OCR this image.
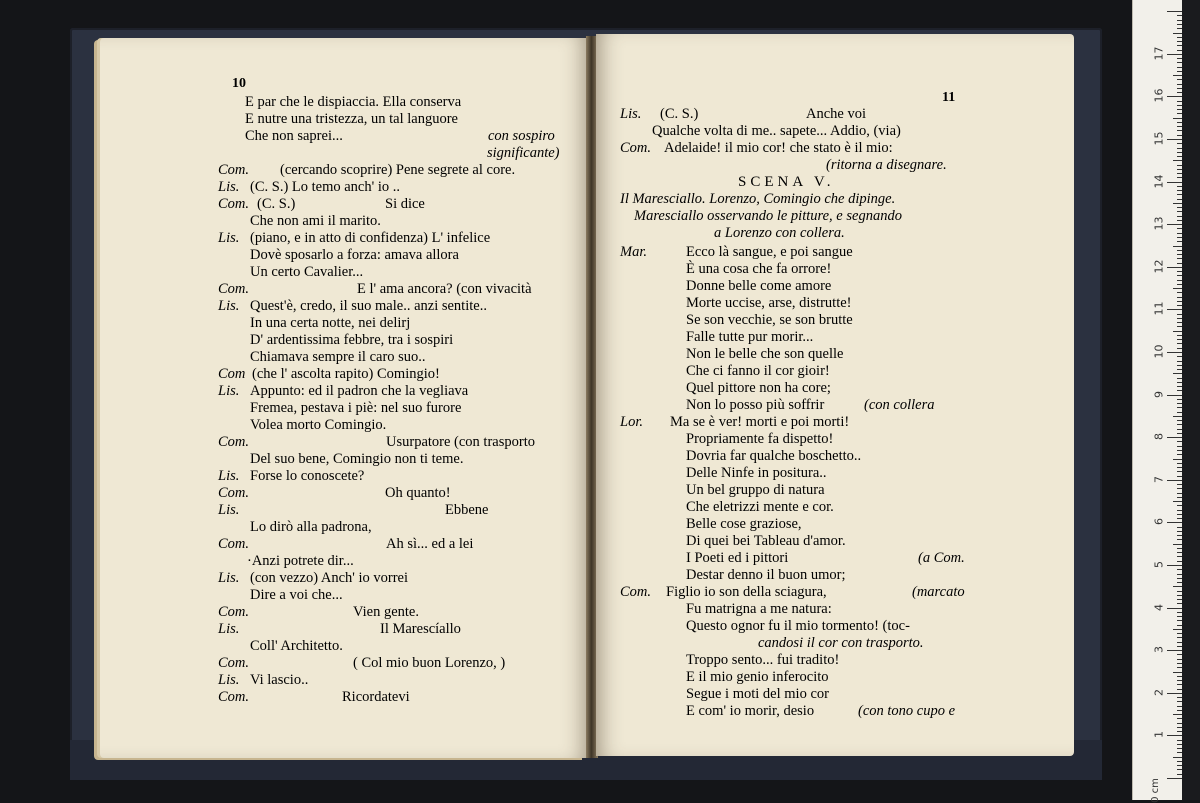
10
11
E par che le dispiaccia. Ella conserva
E nutre una tristezza, un tal languore
Che non saprei...	con sospiro
significante)
Com. (cercando scoprire) Pene segrete al core.
Lis. (C. S.) Lo temo anch' io ..
Com. (C. S.)	Si dice
Che non ami il marito.
Lis. (piano, e in atto di confidenza) L' infelice
Dovè sposarlo a forza: amava allora
Un certo Cavalier...
Com.	E l' ama ancora? (con vivacità
Lis. Quest'è, credo, il suo male.. anzi sentite..
In una certa notte, nei delirj
D' ardentissima febbre, tra i sospiri
Chiamava sempre il caro suo..
Com (che l' ascolta rapito) Comingio!
Lis. Appunto: ed il padron che la vegliava
Fremea, pestava i piè: nel suo furore
Volea morto Comingio.
Com.	Usurpatore (con trasporto
Del suo bene, Comingio non ti teme.
Lis. Forse lo conoscete?
Com.	Oh quanto!
Lis.	Ebbene
Lo dirò alla padrona,
Com.	Ah sì... ed a lei
·Anzi potrete dir...
Lis. (con vezzo) Anch' io vorrei
Dire a voi che...
Com.	Vien gente.
Lis.	Il Marescíallo
Coll' Architetto.
Com.	( Col mio buon Lorenzo, )
Lis. Vi lascio..
Com.	Ricordatevi
Lis. (C. S.)	Anche voi
Qualche volta di me.. sapete... Addio, (via)
Com. Adelaide! il mio cor! che stato è il mio:
(ritorna a disegnare.
SCENA V.
Il Maresciallo. Lorenzo, Comingio che dipinge.
Maresciallo osservando le pitture, e segnando
a Lorenzo con collera.
Mar.	Ecco là sangue, e poi sangue
È una cosa che fa orrore!
Donne belle come amore
Morte uccise, arse, distrutte!
Se son vecchie, se son brutte
Falle tutte pur morir...
Non le belle che son quelle
Che ci fanno il cor gioir!
Quel pittore non ha core;
Non lo posso più soffrir	(con collera
Lor. Ma se è ver! morti e poi morti!
Propriamente fa dispetto!
Dovria far qualche boschetto..
Delle Ninfe in positura..
Un bel gruppo di natura
Che eletrizzi mente e cor.
Belle cose graziose,
Di quei bei Tableau d'amor.
I Poeti ed i pittori	(a Com.
Destar denno il buon umor;
Com. Figlio io son della sciagura,	(marcato
Fu matrigna a me natura:
Questo ognor fu il mio tormento! (toc-
candosi il cor con trasporto.
Troppo sento... fui tradito!
E il mio genio inferocito
Segue i moti del mio cor
E com' io morir, desio	(con tono cupo e
1
2
3
4
5
6
7
8
9
10
11
12
13
14
15
16
17
0 cm
